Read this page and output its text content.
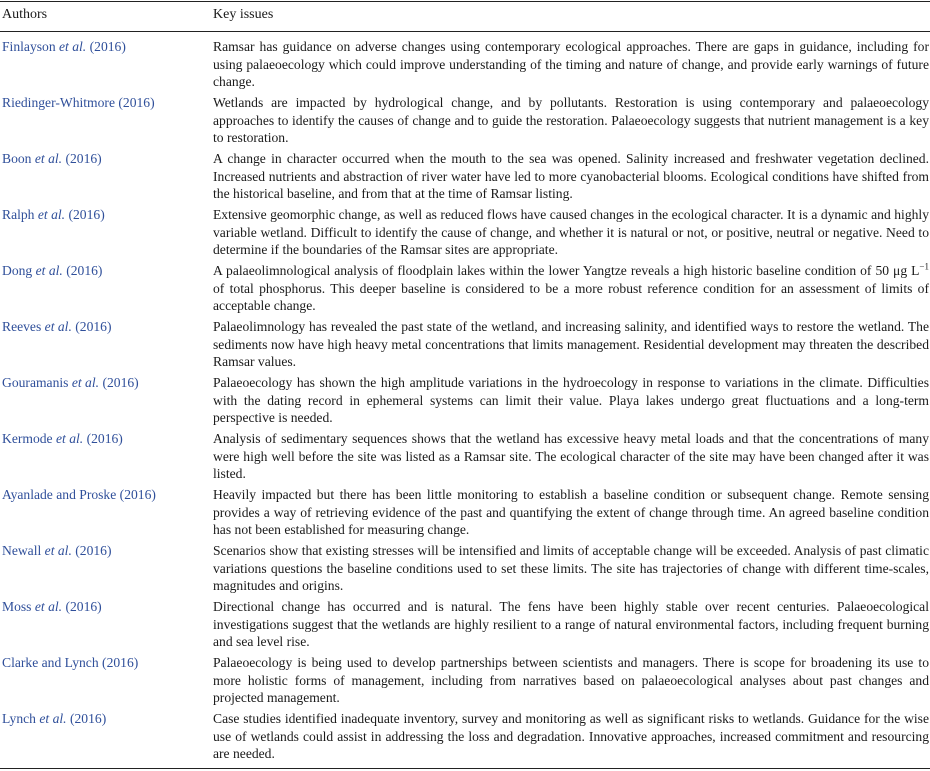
Authors	Key issues
Finlayson et al. (2016)	Ramsar has guidance on adverse changes using contemporary ecological approaches. There are gaps in guidance, including for using palaeoecology which could improve understanding of the timing and nature of change, and provide early warnings of future change.
Riedinger-Whitmore (2016)	Wetlands are impacted by hydrological change, and by pollutants. Restoration is using contemporary and palaeoecology approaches to identify the causes of change and to guide the restoration. Palaeoecology suggests that nutrient management is a key to restoration.
Boon et al. (2016)	A change in character occurred when the mouth to the sea was opened. Salinity increased and freshwater vegetation declined. Increased nutrients and abstraction of river water have led to more cyanobacterial blooms. Ecological conditions have shifted from the historical baseline, and from that at the time of Ramsar listing.
Ralph et al. (2016)	Extensive geomorphic change, as well as reduced flows have caused changes in the ecological character. It is a dynamic and highly variable wetland. Difficult to identify the cause of change, and whether it is natural or not, or positive, neutral or negative. Need to determine if the boundaries of the Ramsar sites are appropriate.
Dong et al. (2016)	A palaeolimnological analysis of floodplain lakes within the lower Yangtze reveals a high historic baseline condition of 50 μg $L^{-1}$ of total phosphorus. This deeper baseline is considered to be a more robust reference condition for an assessment of limits of acceptable change.
Reeves et al. (2016)	Palaeolimnology has revealed the past state of the wetland, and increasing salinity, and identified ways to restore the wetland. The sediments now have high heavy metal concentrations that limits management. Residential development may threaten the described Ramsar values.
Gouramanis et al. (2016)	Palaeoecology has shown the high amplitude variations in the hydroecology in response to variations in the climate. Difficulties with the dating record in ephemeral systems can limit their value. Playa lakes undergo great fluctuations and a long-term perspective is needed.
Kermode et al. (2016)	Analysis of sedimentary sequences shows that the wetland has excessive heavy metal loads and that the concentrations of many were high well before the site was listed as a Ramsar site. The ecological character of the site may have been changed after it was listed.
Ayanlade and Proske (2016)	Heavily impacted but there has been little monitoring to establish a baseline condition or subsequent change. Remote sensing provides a way of retrieving evidence of the past and quantifying the extent of change through time. An agreed baseline condition has not been established for measuring change.
Newall et al. (2016)	Scenarios show that existing stresses will be intensified and limits of acceptable change will be exceeded. Analysis of past climatic variations questions the baseline conditions used to set these limits. The site has trajectories of change with different time-scales, magnitudes and origins.
Moss et al. (2016)	Directional change has occurred and is natural. The fens have been highly stable over recent centuries. Palaeoecological investigations suggest that the wetlands are highly resilient to a range of natural environmental factors, including frequent burning and sea level rise.
Clarke and Lynch (2016)	Palaeoecology is being used to develop partnerships between scientists and managers. There is scope for broadening its use to more holistic forms of management, including from narratives based on palaeoecological analyses about past changes and projected management.
Lynch et al. (2016)	Case studies identified inadequate inventory, survey and monitoring as well as significant risks to wetlands. Guidance for the wise use of wetlands could assist in addressing the loss and degradation. Innovative approaches, increased commitment and resourcing are needed.
